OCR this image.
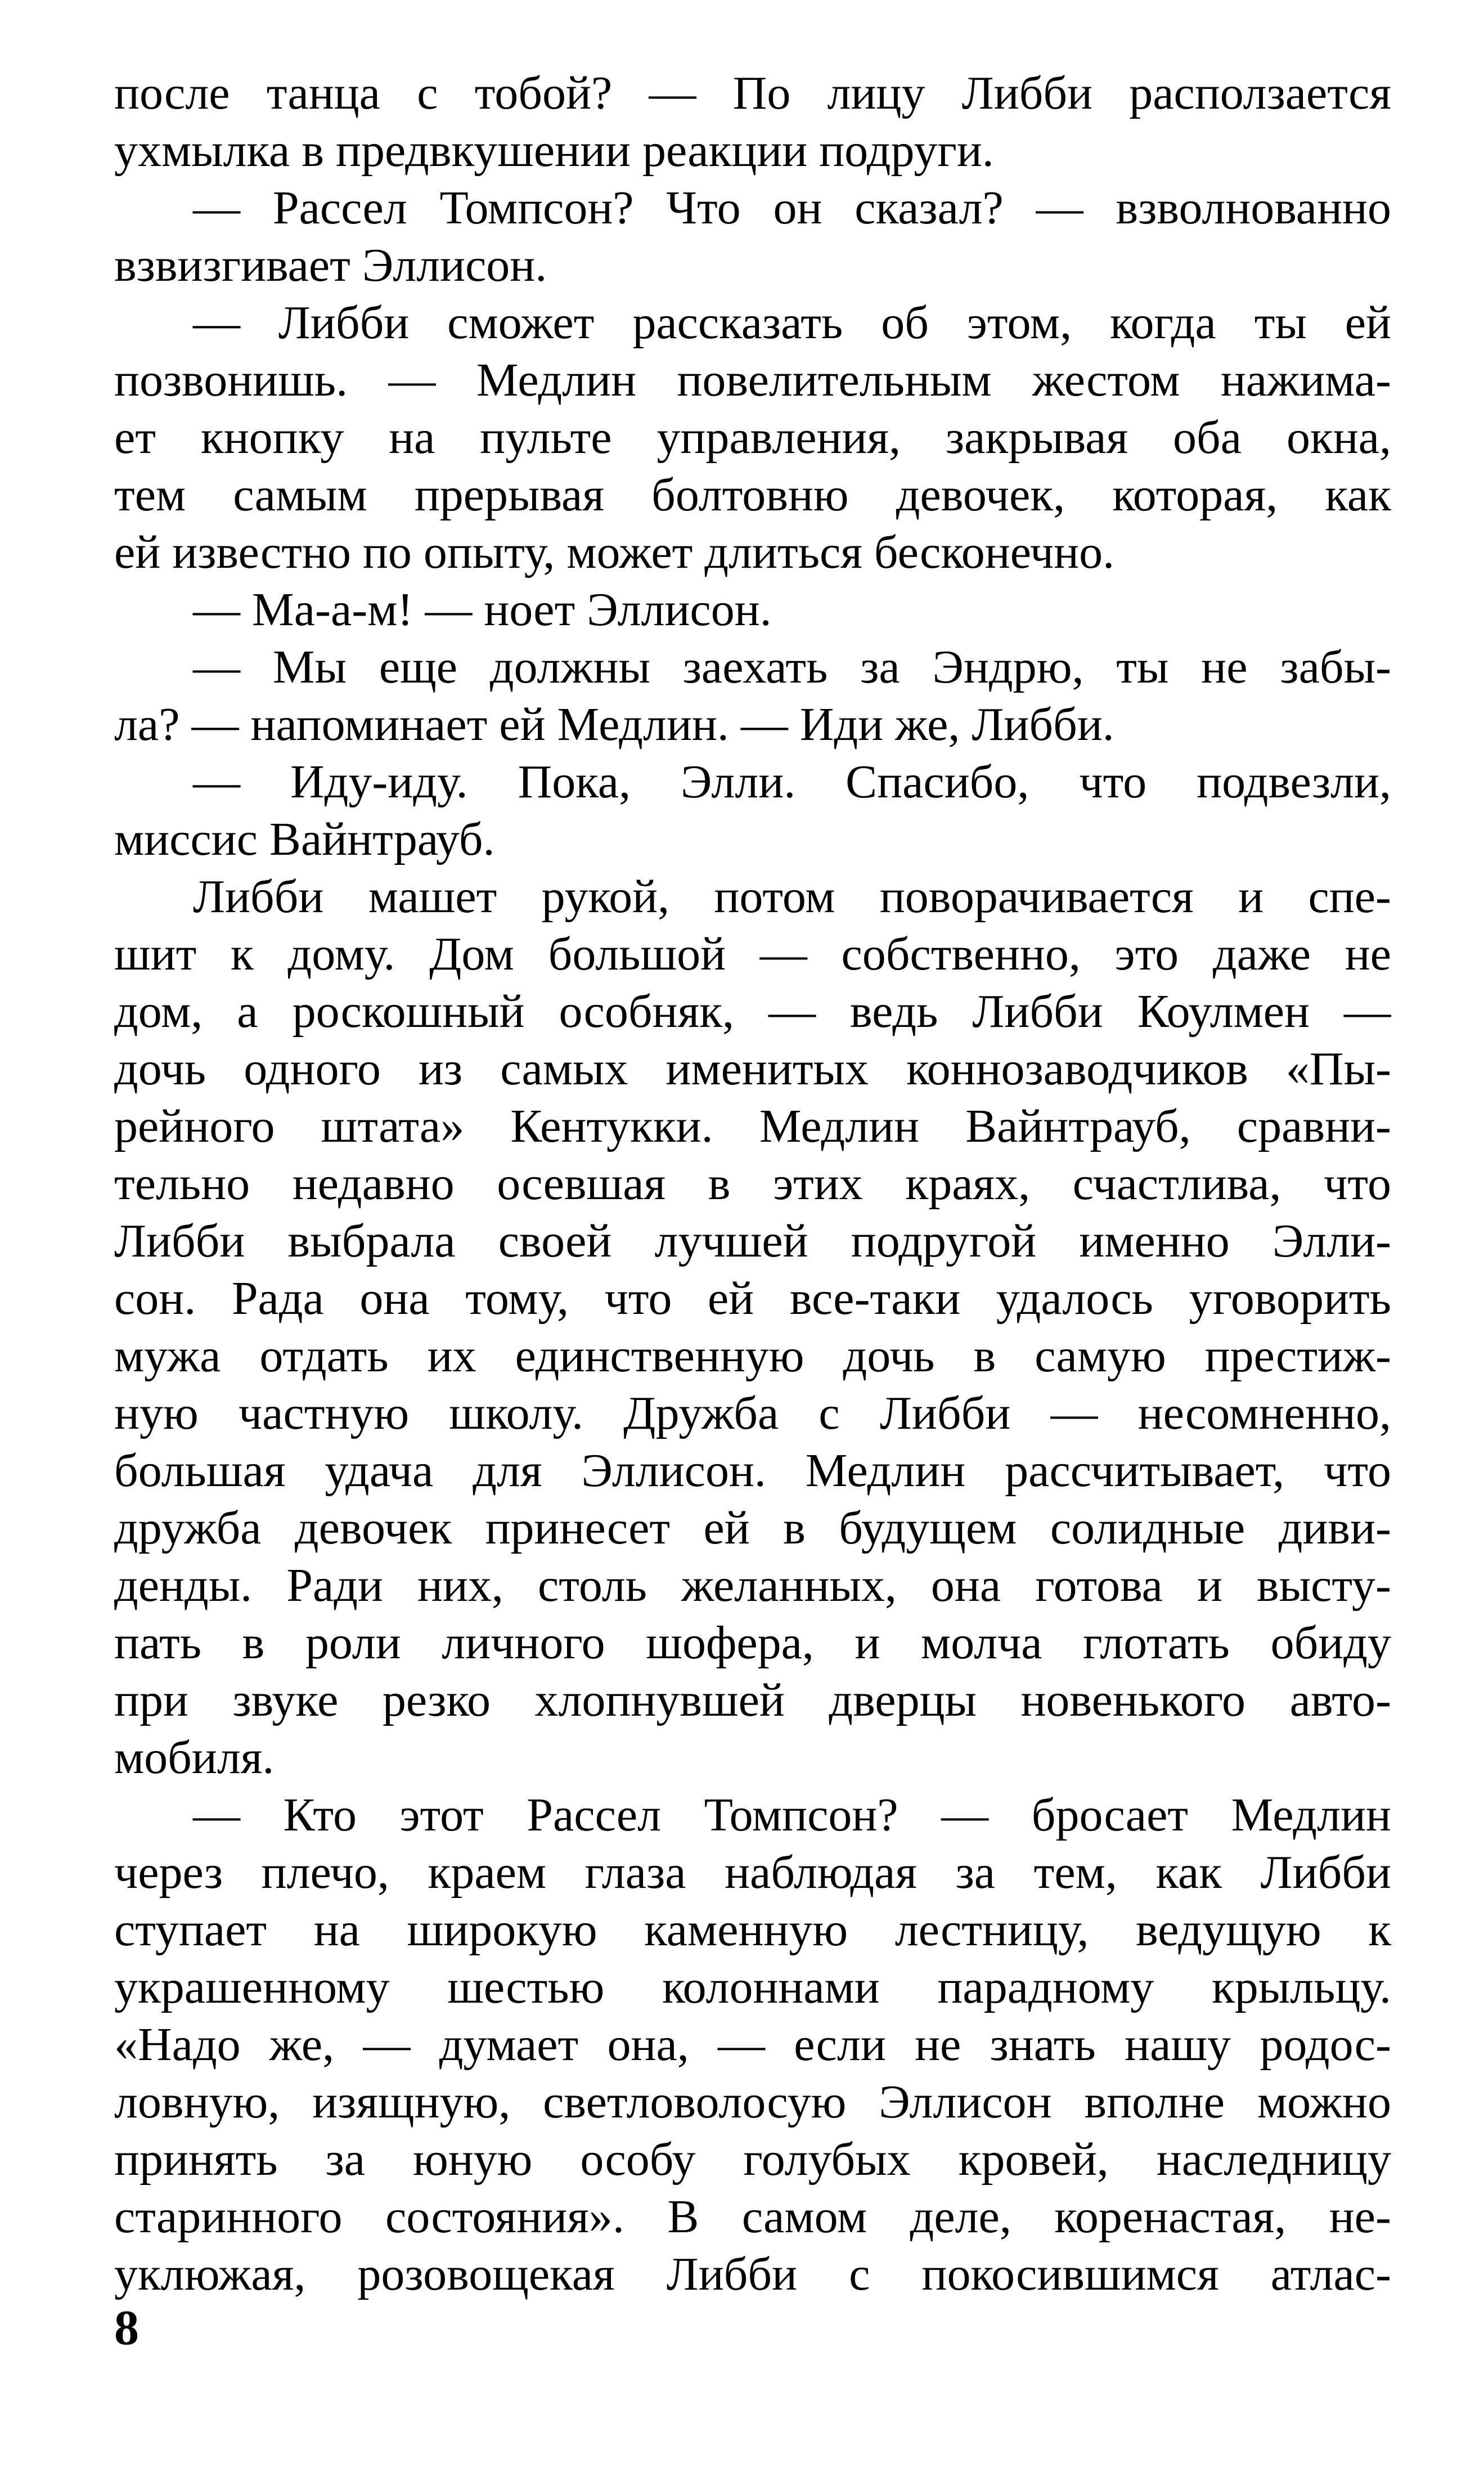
после танца с тобой? — По лицу Либби расползается
ухмылка в предвкушении реакции подруги.
— Рассел Томпсон? Что он сказал? — взволнованно
взвизгивает Эллисон.
— Либби сможет рассказать об этом, когда ты ей
позвонишь. — Медлин повелительным жестом нажима-
ет кнопку на пульте управления, закрывая оба окна,
тем самым прерывая болтовню девочек, которая, как
ей известно по опыту, может длиться бесконечно.
— Ма-а-м! — ноет Эллисон.
— Мы еще должны заехать за Эндрю, ты не забы-
ла? — напоминает ей Медлин. — Иди же, Либби.
— Иду-иду. Пока, Элли. Спасибо, что подвезли,
миссис Вайнтрауб.
Либби машет рукой, потом поворачивается и спе-
шит к дому. Дом большой — собственно, это даже не
дом, а роскошный особняк, — ведь Либби Коулмен —
дочь одного из самых именитых коннозаводчиков «Пы-
рейного штата» Кентукки. Медлин Вайнтрауб, сравни-
тельно недавно осевшая в этих краях, счастлива, что
Либби выбрала своей лучшей подругой именно Элли-
сон. Рада она тому, что ей все-таки удалось уговорить
мужа отдать их единственную дочь в самую престиж-
ную частную школу. Дружба с Либби — несомненно,
большая удача для Эллисон. Медлин рассчитывает, что
дружба девочек принесет ей в будущем солидные диви-
денды. Ради них, столь желанных, она готова и высту-
пать в роли личного шофера, и молча глотать обиду
при звуке резко хлопнувшей дверцы новенького авто-
мобиля.
— Кто этот Рассел Томпсон? — бросает Медлин
через плечо, краем глаза наблюдая за тем, как Либби
ступает на широкую каменную лестницу, ведущую к
украшенному шестью колоннами парадному крыльцу.
«Надо же, — думает она, — если не знать нашу родос-
ловную, изящную, светловолосую Эллисон вполне можно
принять за юную особу голубых кровей, наследницу
старинного состояния». В самом деле, коренастая, не-
уклюжая, розовощекая Либби с покосившимся атлас-
8
